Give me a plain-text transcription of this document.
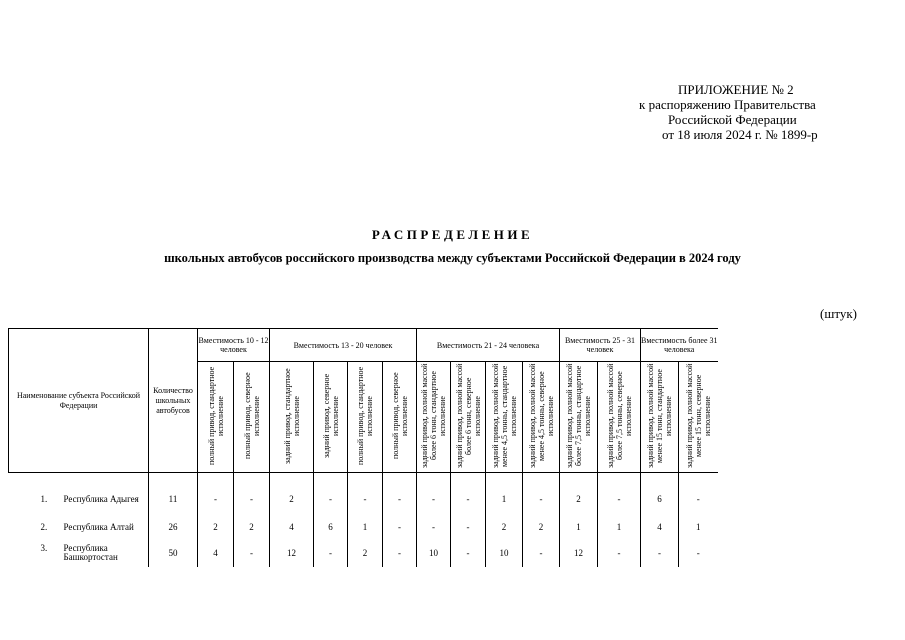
ПРИЛОЖЕНИЕ № 2
к распоряжению Правительства
Российской Федерации
от 18 июля 2024 г. № 1899-р
РАСПРЕДЕЛЕНИЕ
школьных автобусов российского производства между субъектами Российской Федерации в 2024 году
(штук)
Наименование субъекта Российской Федерации	Количество школьных автобусов	Вместимость 10 - 12 человек		Вместимость 13 - 20 человек				Вместимость 21 - 24 человека				Вместимость 25 - 31 человек		Вместимость более 31 человека	
		полный привод, стандартное исполнение	полный привод, северное исполнение	задний привод, стандартное исполнение	задний привод, северное исполнение	полный привод, стандартное исполнение	полный привод, северное исполнение	задний привод, полной массой более 6 тонн, стандартное исполнение	задний привод, полной массой более 6 тонн, северное исполнение	задний привод, полной массой менее 4,5 тонны, стандартное исполнение	задний привод, полной массой менее 4,5 тонны, северное исполнение	задний привод, полной массой более 7,5 тонны, стандартное исполнение	задний привод, полной массой более 7,5 тонны, северное исполнение	задний привод, полной массой менее 15 тонн, стандартное исполнение	задний привод, полной массой менее 15 тонн, северное исполнение

1. Республика Адыгея	11	-	-	2	-	-	-	-	-	1	-	2	-	6	-

2. Республика Алтай	26	2	2	4	6	1	-	-	-	2	2	1	1	4	1

3. Республика Башкортостан	50	4	-	12	-	2	-	10	-	10	-	12	-	-	-
